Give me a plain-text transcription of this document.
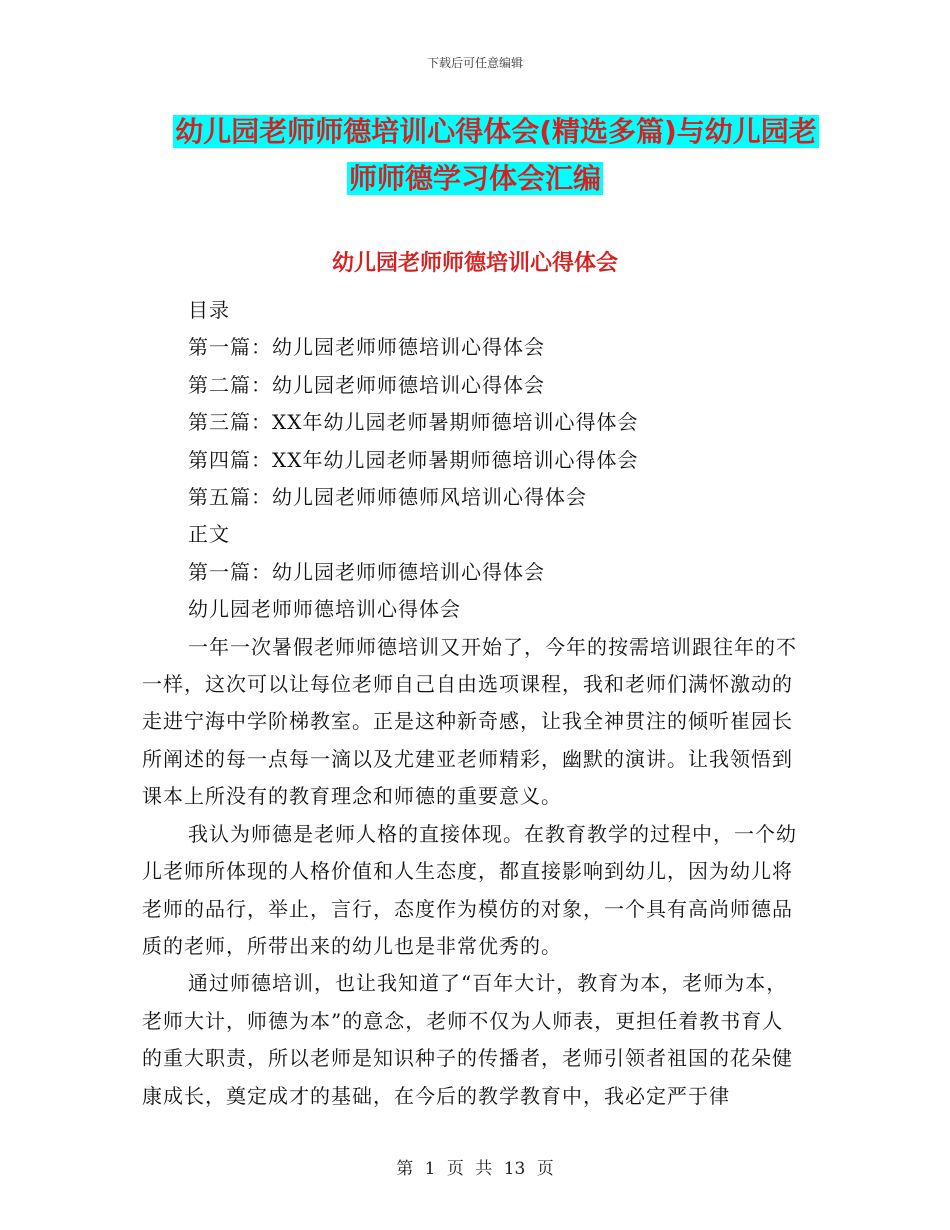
下载后可任意编辑
幼儿园老师师德培训心得体会(精选多篇)与幼儿园老
师师德学习体会汇编
幼儿园老师师德培训心得体会
目录
第一篇：幼儿园老师师德培训心得体会
第二篇：幼儿园老师师德培训心得体会
第三篇：XX年幼儿园老师暑期师德培训心得体会
第四篇：XX年幼儿园老师暑期师德培训心得体会
第五篇：幼儿园老师师德师风培训心得体会
正文
第一篇：幼儿园老师师德培训心得体会
幼儿园老师师德培训心得体会

一年一次暑假老师师德培训又开始了，今年的按需培训跟往年的不一样，这次可以让每位老师自己自由选项课程，我和老师们满怀激动的走进宁海中学阶梯教室。正是这种新奇感，让我全神贯注的倾听崔园长所阐述的每一点每一滴以及尤建亚老师精彩，幽默的演讲。让我领悟到课本上所没有的教育理念和师德的重要意义。

我认为师德是老师人格的直接体现。在教育教学的过程中，一个幼儿老师所体现的人格价值和人生态度，都直接影响到幼儿，因为幼儿将老师的品行，举止，言行，态度作为模仿的对象，一个具有高尚师德品质的老师，所带出来的幼儿也是非常优秀的。

通过师德培训，也让我知道了“百年大计，教育为本，老师为本，老师大计，师德为本”的意念，老师不仅为人师表，更担任着教书育人的重大职责，所以老师是知识种子的传播者，老师引领者祖国的花朵健康成长，奠定成才的基础，在今后的教学教育中，我必定严于律

第 1 页 共 13 页
